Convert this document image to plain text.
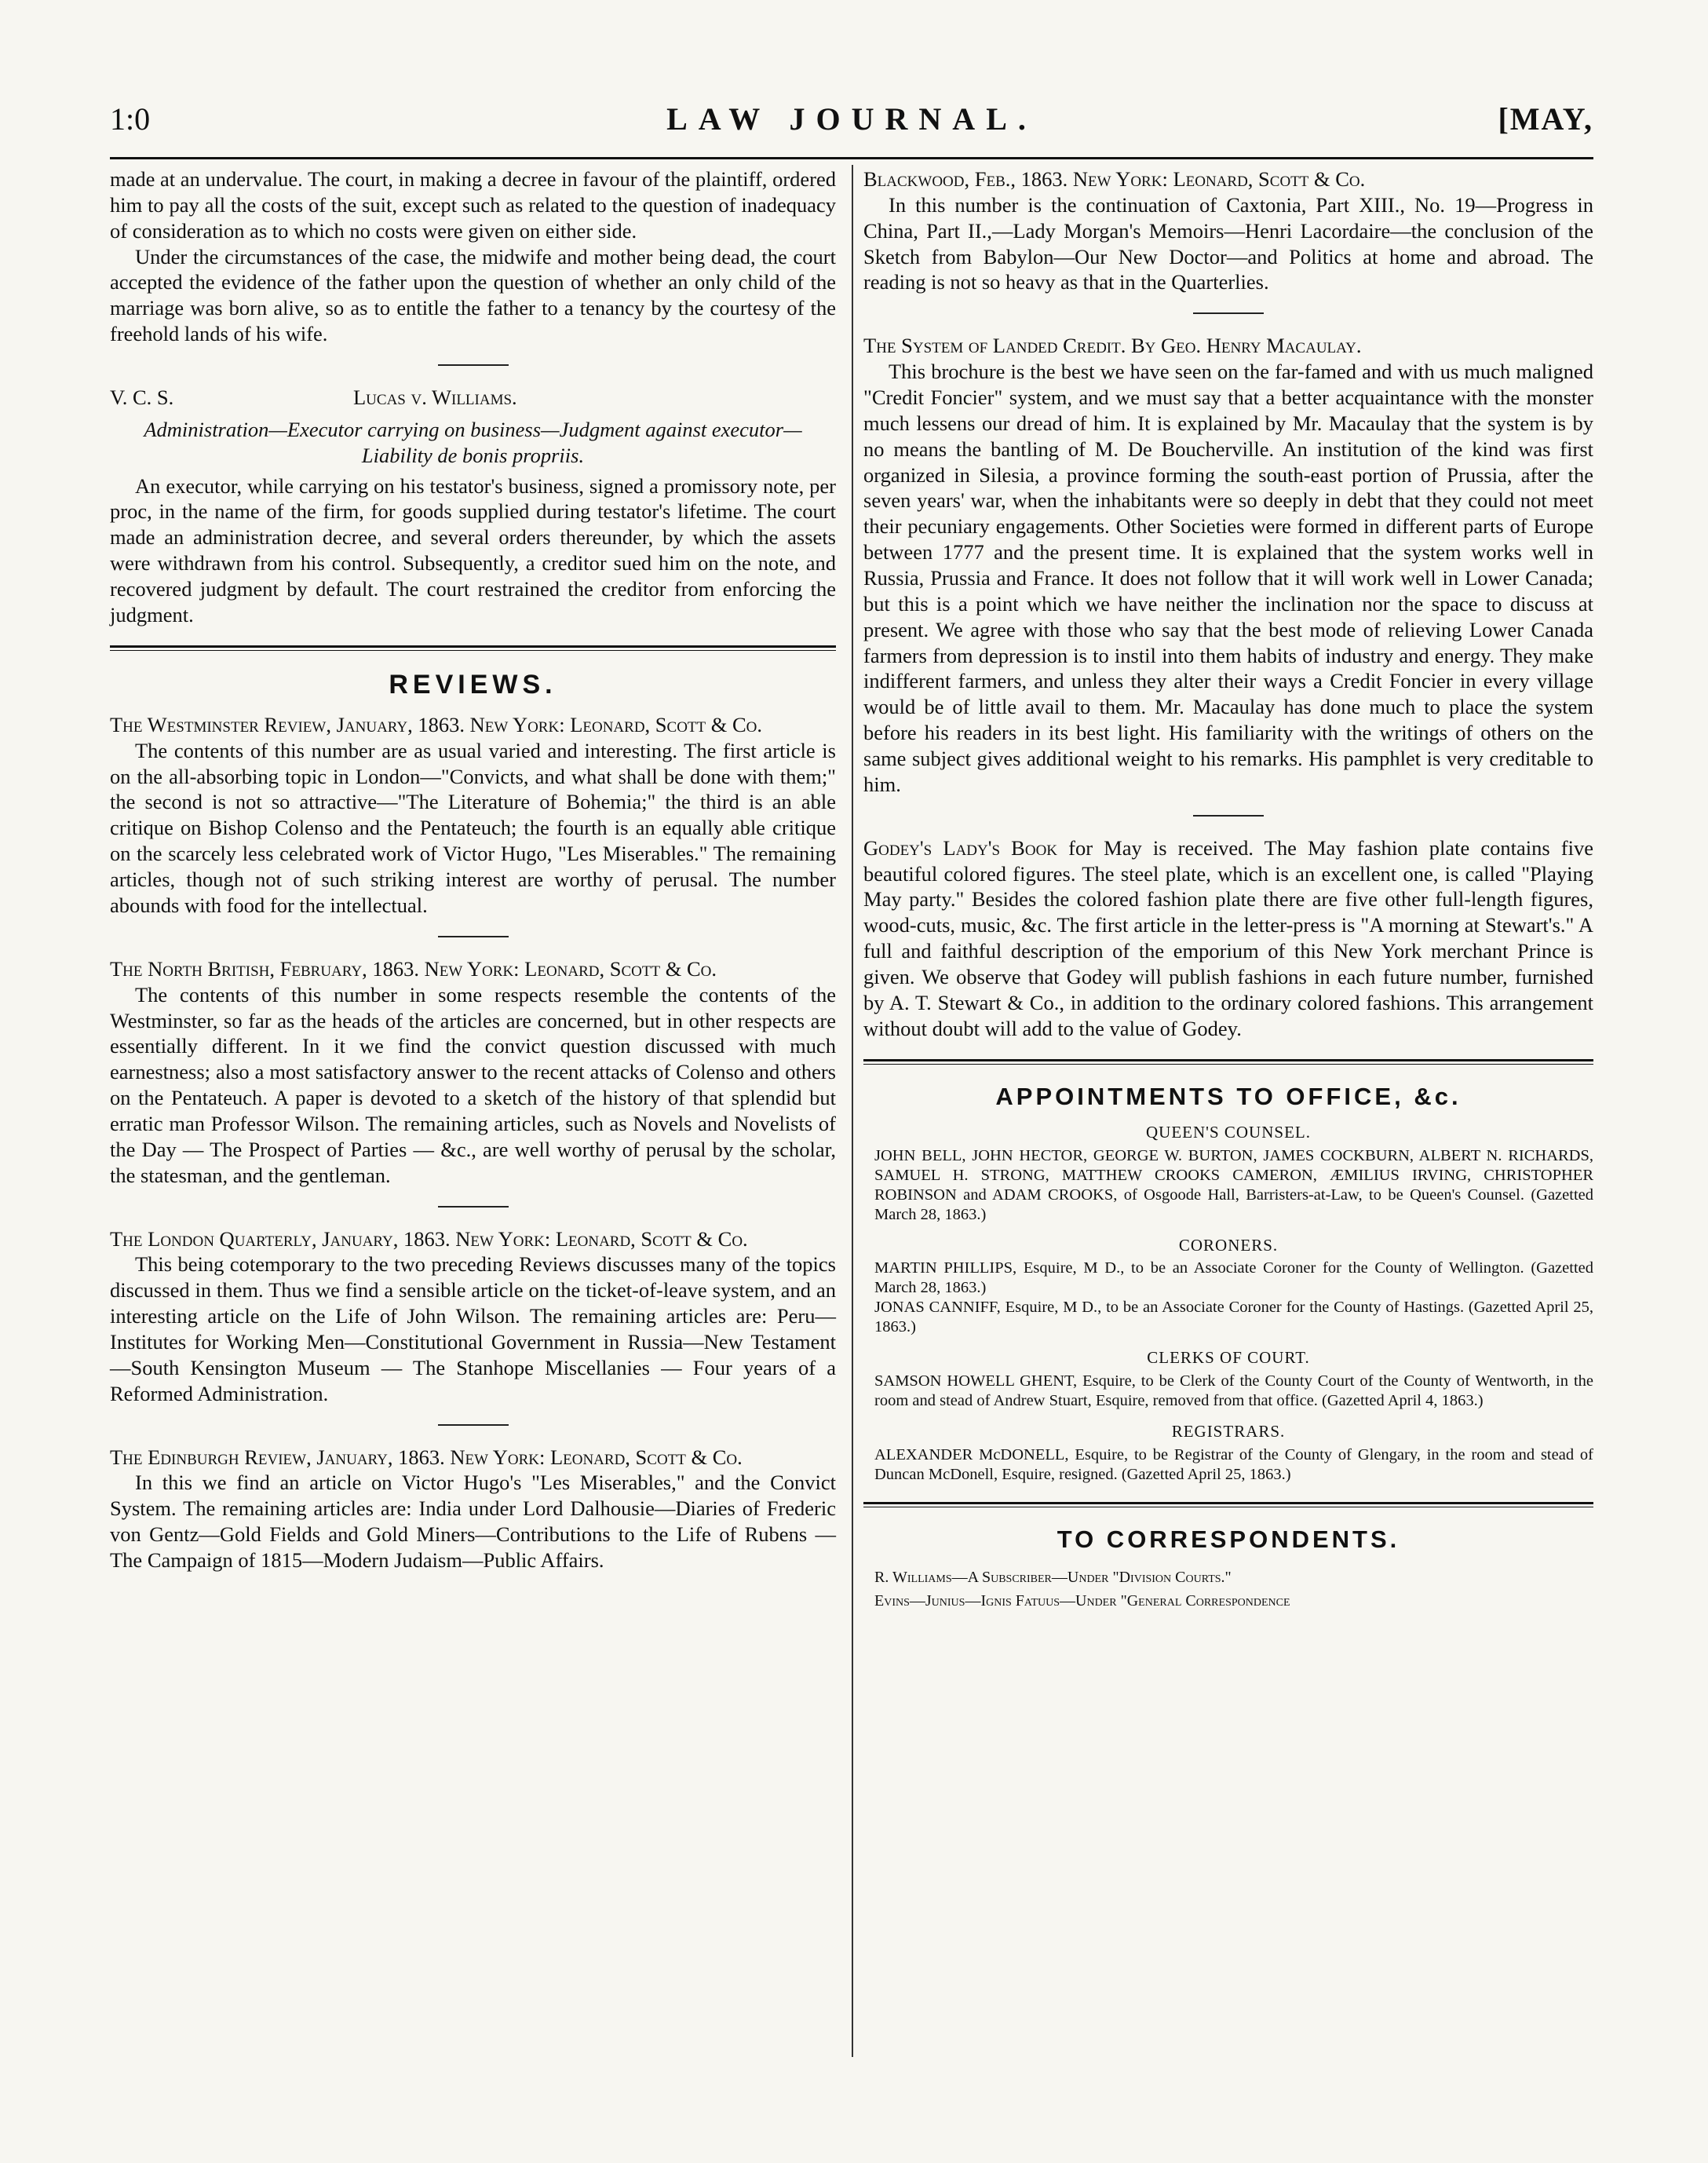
1:0	LAW JOURNAL.	[MAY,

made at an undervalue. The court, in making a decree in favour of the plaintiff, ordered him to pay all the costs of the suit, except such as related to the question of inadequacy of consideration as to which no costs were given on either side.

Under the circumstances of the case, the midwife and mother being dead, the court accepted the evidence of the father upon the question of whether an only child of the marriage was born alive, so as to entitle the father to a tenancy by the courtesy of the freehold lands of his wife.

V. C. S.	Lucas v. Williams.

Administration—Executor carrying on business—Judgment against executor—Liability de bonis propriis.

An executor, while carrying on his testator's business, signed a promissory note, per proc, in the name of the firm, for goods supplied during testator's lifetime. The court made an administration decree, and several orders thereunder, by which the assets were withdrawn from his control. Subsequently, a creditor sued him on the note, and recovered judgment by default. The court restrained the creditor from enforcing the judgment.

REVIEWS.

The Westminster Review, January, 1863. New York: Leonard, Scott & Co.

The contents of this number are as usual varied and interesting. The first article is on the all-absorbing topic in London—"Convicts, and what shall be done with them;" the second is not so attractive—"The Literature of Bohemia;" the third is an able critique on Bishop Colenso and the Pentateuch; the fourth is an equally able critique on the scarcely less celebrated work of Victor Hugo, "Les Miserables." The remaining articles, though not of such striking interest are worthy of perusal. The number abounds with food for the intellectual.

The North British, February, 1863. New York: Leonard, Scott & Co.

The contents of this number in some respects resemble the contents of the Westminster, so far as the heads of the articles are concerned, but in other respects are essentially different. In it we find the convict question discussed with much earnestness; also a most satisfactory answer to the recent attacks of Colenso and others on the Pentateuch. A paper is devoted to a sketch of the history of that splendid but erratic man Professor Wilson. The remaining articles, such as Novels and Novelists of the Day — The Prospect of Parties — &c., are well worthy of perusal by the scholar, the statesman, and the gentleman.

The London Quarterly, January, 1863. New York: Leonard, Scott & Co.

This being cotemporary to the two preceding Reviews discusses many of the topics discussed in them. Thus we find a sensible article on the ticket-of-leave system, and an interesting article on the Life of John Wilson. The remaining articles are: Peru—Institutes for Working Men—Constitutional Government in Russia—New Testament—South Kensington Museum — The Stanhope Miscellanies — Four years of a Reformed Administration.

The Edinburgh Review, January, 1863. New York: Leonard, Scott & Co.

In this we find an article on Victor Hugo's "Les Miserables," and the Convict System. The remaining articles are: India under Lord Dalhousie—Diaries of Frederic von Gentz—Gold Fields and Gold Miners—Contributions to the Life of Rubens —The Campaign of 1815—Modern Judaism—Public Affairs.

Blackwood, Feb., 1863. New York: Leonard, Scott & Co.

In this number is the continuation of Caxtonia, Part XIII., No. 19—Progress in China, Part II.,—Lady Morgan's Memoirs—Henri Lacordaire—the conclusion of the Sketch from Babylon—Our New Doctor—and Politics at home and abroad. The reading is not so heavy as that in the Quarterlies.

The System of Landed Credit. By Geo. Henry Macaulay.

This brochure is the best we have seen on the far-famed and with us much maligned "Credit Foncier" system, and we must say that a better acquaintance with the monster much lessens our dread of him. It is explained by Mr. Macaulay that the system is by no means the bantling of M. De Boucherville. An institution of the kind was first organized in Silesia, a province forming the south-east portion of Prussia, after the seven years' war, when the inhabitants were so deeply in debt that they could not meet their pecuniary engagements. Other Societies were formed in different parts of Europe between 1777 and the present time. It is explained that the system works well in Russia, Prussia and France. It does not follow that it will work well in Lower Canada; but this is a point which we have neither the inclination nor the space to discuss at present. We agree with those who say that the best mode of relieving Lower Canada farmers from depression is to instil into them habits of industry and energy. They make indifferent farmers, and unless they alter their ways a Credit Foncier in every village would be of little avail to them. Mr. Macaulay has done much to place the system before his readers in its best light. His familiarity with the writings of others on the same subject gives additional weight to his remarks. His pamphlet is very creditable to him.

Godey's Lady's Book for May is received. The May fashion plate contains five beautiful colored figures. The steel plate, which is an excellent one, is called "Playing May party." Besides the colored fashion plate there are five other full-length figures, wood-cuts, music, &c. The first article in the letter-press is "A morning at Stewart's." A full and faithful description of the emporium of this New York merchant Prince is given. We observe that Godey will publish fashions in each future number, furnished by A. T. Stewart & Co., in addition to the ordinary colored fashions. This arrangement without doubt will add to the value of Godey.

APPOINTMENTS TO OFFICE, &c.
QUEEN'S COUNSEL.

JOHN BELL, JOHN HECTOR, GEORGE W. BURTON, JAMES COCKBURN, ALBERT N. RICHARDS, SAMUEL H. STRONG, MATTHEW CROOKS CAMERON, ÆMILIUS IRVING, CHRISTOPHER ROBINSON and ADAM CROOKS, of Osgoode Hall, Barristers-at-Law, to be Queen's Counsel. (Gazetted March 28, 1863.)

CORONERS.

MARTIN PHILLIPS, Esquire, M D., to be an Associate Coroner for the County of Wellington. (Gazetted March 28, 1863.)

JONAS CANNIFF, Esquire, M D., to be an Associate Coroner for the County of Hastings. (Gazetted April 25, 1863.)

CLERKS OF COURT.

SAMSON HOWELL GHENT, Esquire, to be Clerk of the County Court of the County of Wentworth, in the room and stead of Andrew Stuart, Esquire, removed from that office. (Gazetted April 4, 1863.)

REGISTRARS.

ALEXANDER McDONELL, Esquire, to be Registrar of the County of Glengary, in the room and stead of Duncan McDonell, Esquire, resigned. (Gazetted April 25, 1863.)

TO CORRESPONDENTS.
R. Williams—A Subscriber—Under "Division Courts."
Evins—Junius—Ignis Fatuus—Under "General Correspondence
